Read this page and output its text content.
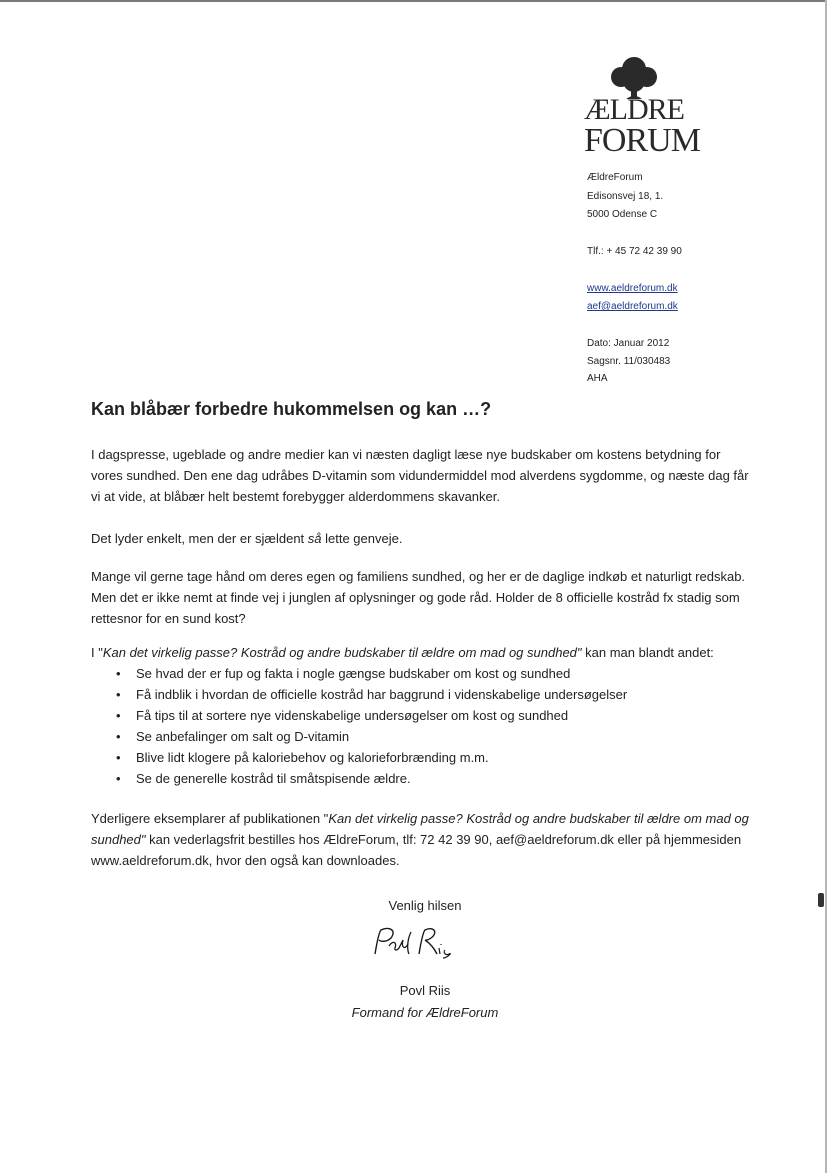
ÆLDRE
FORUM
ÆldreForum
Edisonsvej 18, 1.
5000 Odense C
Tlf.: + 45 72 42 39 90
www.aeldreforum.dk
aef@aeldreforum.dk
Dato: Januar 2012
Sagsnr. 11/030483
AHA
Kan blåbær forbedre hukommelsen og kan …?
I dagspresse, ugeblade og andre medier kan vi næsten dagligt læse nye budskaber om kostens betydning for vores sundhed. Den ene dag udråbes D-vitamin som vidundermiddel mod alverdens sygdomme, og næste dag får vi at vide, at blåbær helt bestemt forebygger alderdommens skavanker.
Det lyder enkelt, men der er sjældent så lette genveje.
Mange vil gerne tage hånd om deres egen og familiens sundhed, og her er de daglige indkøb et naturligt redskab. Men det er ikke nemt at finde vej i junglen af oplysninger og gode råd. Holder de 8 officielle kostråd fx stadig som rettesnor for en sund kost?
I "Kan det virkelig passe? Kostråd og andre budskaber til ældre om mad og sundhed" kan man blandt andet:
• Se hvad der er fup og fakta i nogle gængse budskaber om kost og sundhed
• Få indblik i hvordan de officielle kostråd har baggrund i videnskabelige undersøgelser
• Få tips til at sortere nye videnskabelige undersøgelser om kost og sundhed
• Se anbefalinger om salt og D-vitamin
• Blive lidt klogere på kaloriebehov og kalorieforbrænding m.m.
• Se de generelle kostråd til småtspisende ældre.
Yderligere eksemplarer af publikationen "Kan det virkelig passe? Kostråd og andre budskaber til ældre om mad og sundhed" kan vederlagsfrit bestilles hos ÆldreForum, tlf: 72 42 39 90, aef@aeldreforum.dk eller på hjemmesiden www.aeldreforum.dk, hvor den også kan downloades.
Venlig hilsen
Povl Riis
Formand for ÆldreForum
